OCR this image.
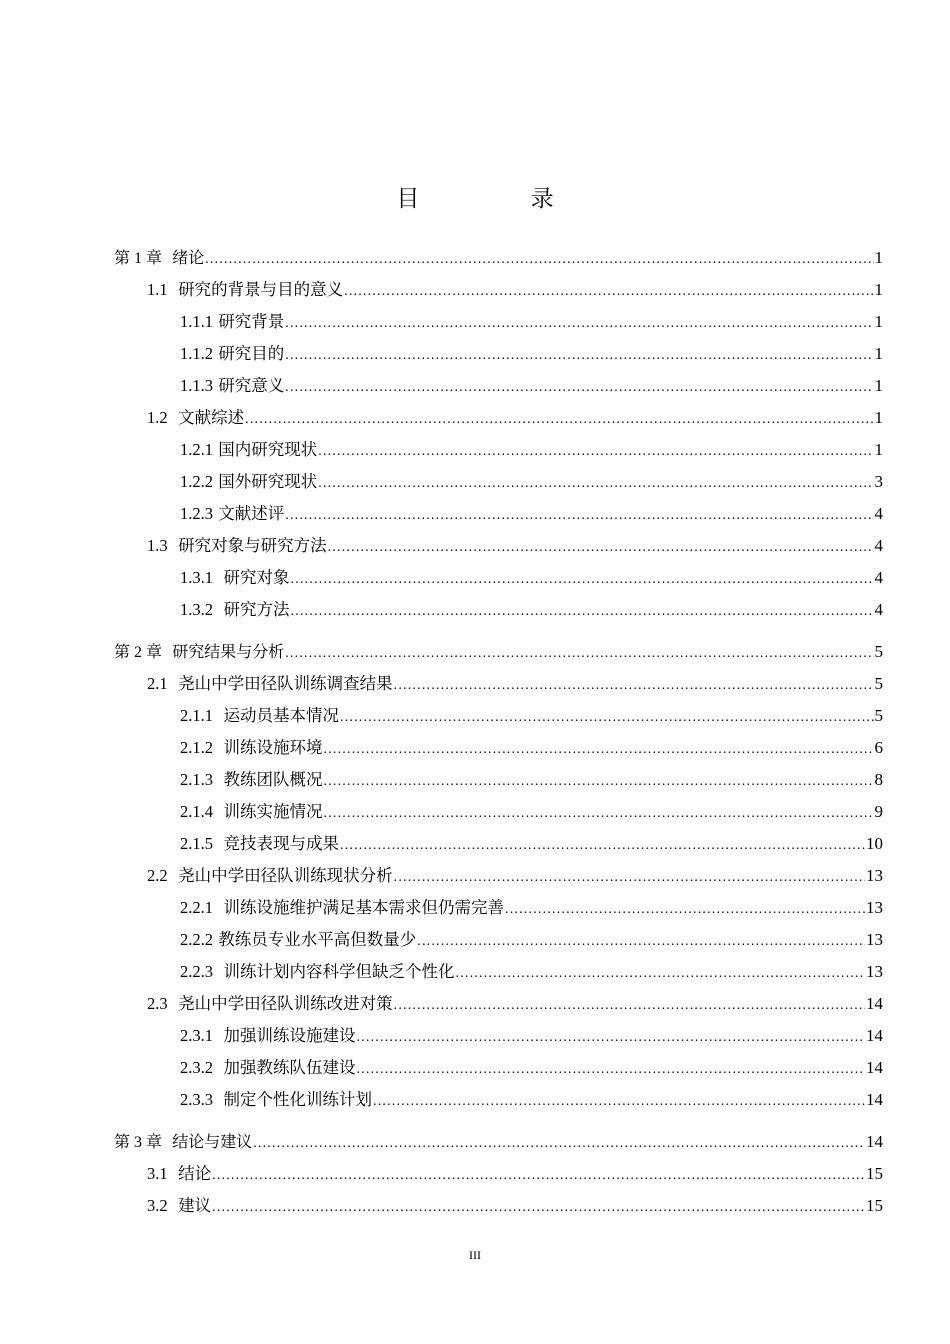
目 录
第 1 章 绪论 .....	1
1.1 研究的背景与目的意义 .....	1
1.1.1 研究背景 .....	1
1.1.2 研究目的 .....	1
1.1.3 研究意义 .....	1
1.2 文献综述 .....	1
1.2.1 国内研究现状 .....	1
1.2.2 国外研究现状 .....	3
1.2.3 文献述评 .....	4
1.3 研究对象与研究方法 .....	4
1.3.1 研究对象 .....	4
1.3.2 研究方法 .....	4
第 2 章 研究结果与分析 .....	5
2.1 尧山中学田径队训练调查结果 .....	5
2.1.1 运动员基本情况 .....	5
2.1.2 训练设施环境 .....	6
2.1.3 教练团队概况 .....	8
2.1.4 训练实施情况 .....	9
2.1.5 竞技表现与成果 .....	10
2.2 尧山中学田径队训练现状分析 .....	13
2.2.1 训练设施维护满足基本需求但仍需完善 .....	13
2.2.2 教练员专业水平高但数量少 .....	13
2.2.3 训练计划内容科学但缺乏个性化 .....	13
2.3 尧山中学田径队训练改进对策 .....	14
2.3.1 加强训练设施建设 .....	14
2.3.2 加强教练队伍建设 .....	14
2.3.3 制定个性化训练计划 .....	14
第 3 章 结论与建议 .....	14
3.1 结论 .....	15
3.2 建议 .....	15
III
